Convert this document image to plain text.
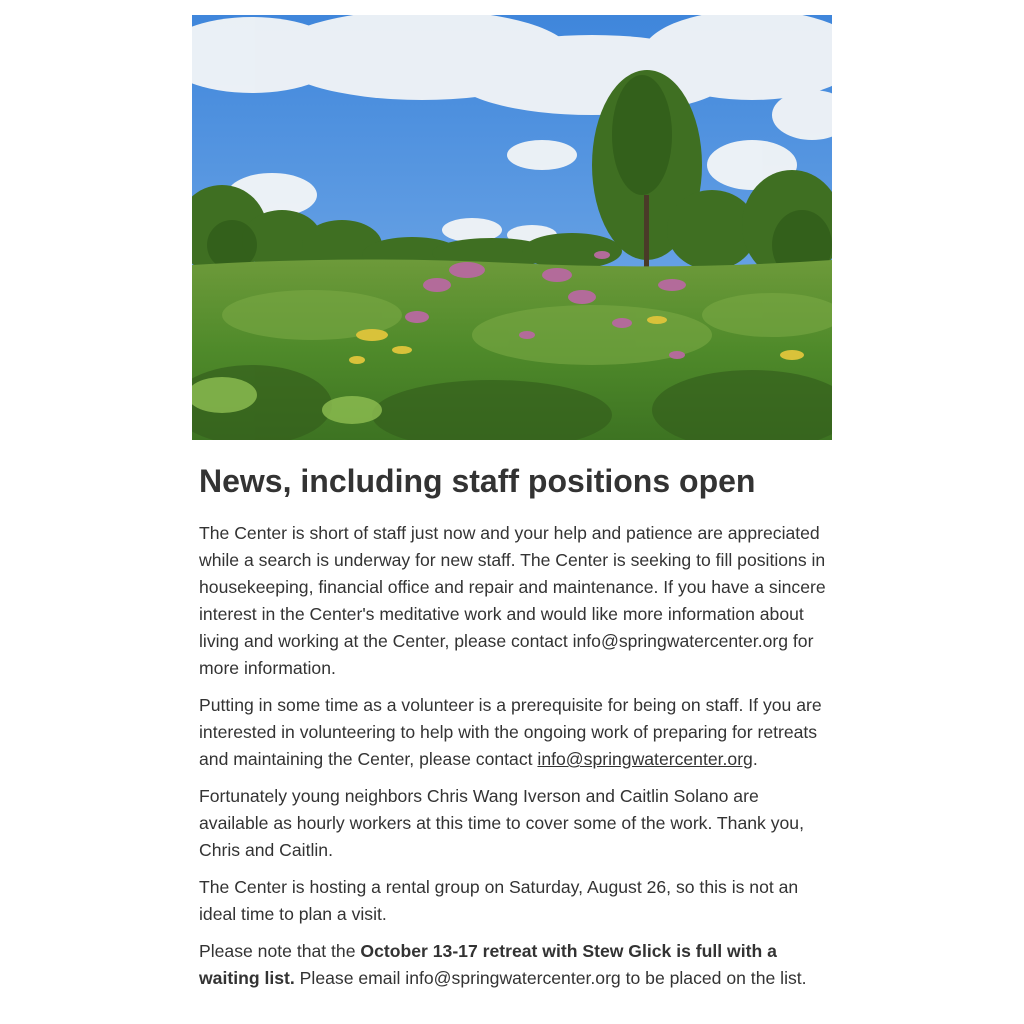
News, including staff positions open

The Center is short of staff just now and your help and patience are appreciated while a search is underway for new staff. The Center is seeking to fill positions in housekeeping, financial office and repair and maintenance. If you have a sincere interest in the Center's meditative work and would like more information about living and working at the Center, please contact info@springwatercenter.org for more information.

Putting in some time as a volunteer is a prerequisite for being on staff. If you are interested in volunteering to help with the ongoing work of preparing for retreats and maintaining the Center, please contact info@springwatercenter.org.

Fortunately young neighbors Chris Wang Iverson and Caitlin Solano are available as hourly workers at this time to cover some of the work. Thank you, Chris and Caitlin.

The Center is hosting a rental group on Saturday, August 26, so this is not an ideal time to plan a visit.

Please note that the October 13-17 retreat with Stew Glick is full with a waiting list. Please email info@springwatercenter.org to be placed on the list.
